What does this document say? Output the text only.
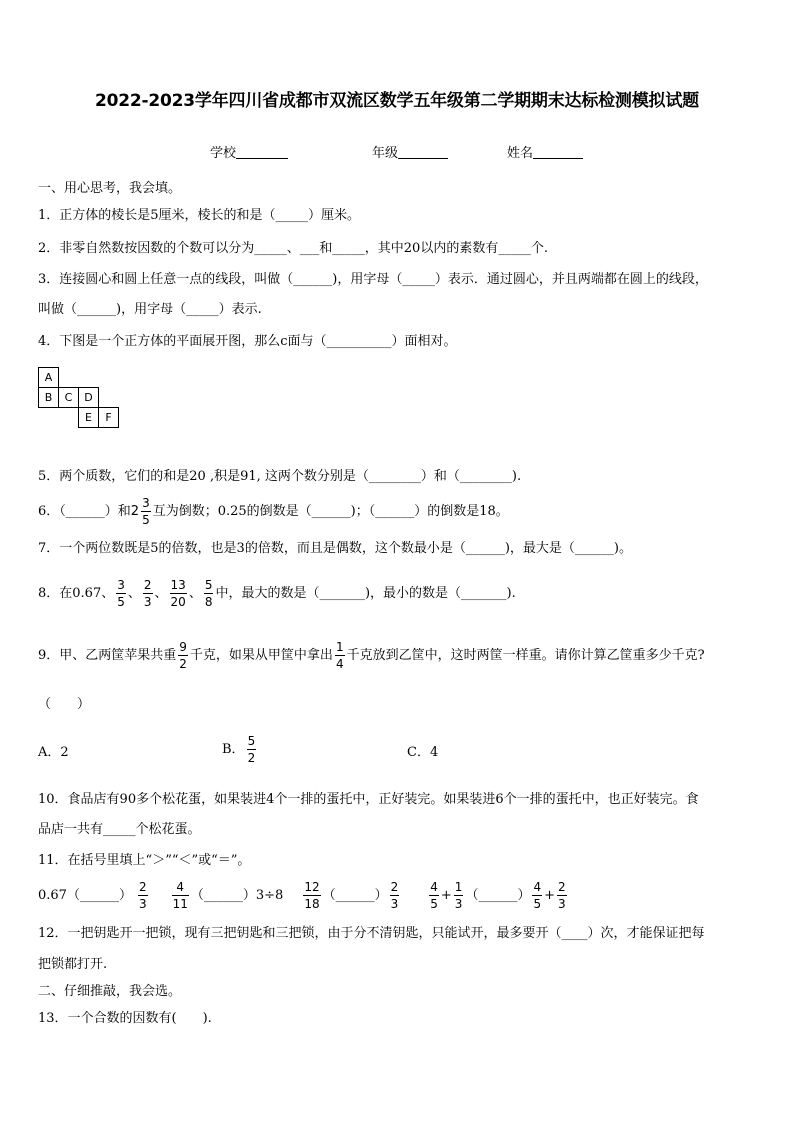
2022-2023学年四川省成都市双流区数学五年级第二学期期末达标检测模拟试题
学校	年级	姓名
一、用心思考，我会填。
1．正方体的棱长是5厘米，棱长的和是（_____）厘米。
2．非零自然数按因数的个数可以分为_____、___和_____，其中20以内的素数有_____个.
3．连接圆心和圆上任意一点的线段，叫做（______)，用字母（_____）表示．通过圆心，并且两端都在圆上的线段，
叫做（______)，用字母（_____）表示.
4．下图是一个正方体的平面展开图，那么c面与（__________）面相对。
A
B	C	D
E	F
5．两个质数，它们的和是20 ,积是91, 这两个数分别是（________）和（________).
6．（______）和 $2 \frac{3}{5}$ 互为倒数；0.25的倒数是（______)；（______）的倒数是18。
7．一个两位数既是5的倍数，也是3的倍数，而且是偶数，这个数最小是（______)，最大是（______)。
8．在0.67、 $\frac{3}{5}$ 、 $\frac{2}{3}$ 、 $\frac{13}{20}$ 、 $\frac{5}{8}$ 中，最大的数是（_______)，最小的数是（_______).
9．甲、乙两筐苹果共重 $\frac{9}{2}$ 千克，如果从甲筐中拿出 $\frac{1}{4}$ 千克放到乙筐中，这时两筐一样重。请你计算乙筐重多少千克?
（　　）
A．2	B． $\frac{5}{2}$	C．4
10．食品店有90多个松花蛋，如果装进4个一排的蛋托中，正好装完。如果装进6个一排的蛋托中，也正好装完。食
品店一共有_____个松花蛋。
11．在括号里填上“＞”“＜”或“＝”。
0.67（______） $\frac{2}{3} \frac{4}{11}$ （______）3÷8 $\frac{12}{18}$ （______） $\frac{2}{3}$	$\frac{4}{5} + \frac{1}{3}$ （______） $\frac{4}{5} + \frac{2}{3}$
12．一把钥匙开一把锁，现有三把钥匙和三把锁，由于分不清钥匙，只能试开，最多要开（____）次，才能保证把每
把锁都打开.
二、仔细推敲，我会选。
13．一个合数的因数有(　　).
